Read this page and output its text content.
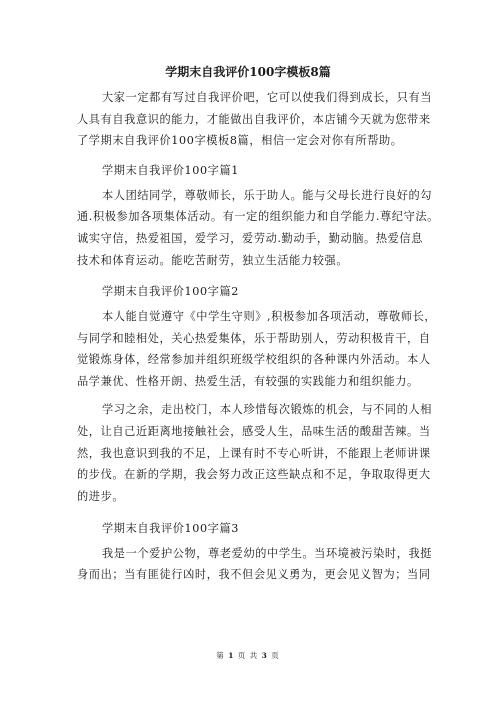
学期末自我评价100字模板8篇
大家一定都有写过自我评价吧，它可以使我们得到成长，只有当
人具有自我意识的能力，才能做出自我评价，本店铺今天就为您带来
了学期末自我评价100字模板8篇，相信一定会对你有所帮助。
学期末自我评价100字篇1
本人团结同学，尊敬师长，乐于助人。能与父母长进行良好的勾
通.积极参加各项集体活动。有一定的组织能力和自学能力.尊纪守法。
诚实守信，热爱祖国，爱学习，爱劳动.勤动手，勤动脑。热爱信息
技术和体育运动。能吃苦耐劳，独立生活能力较强。
学期末自我评价100字篇2
本人能自觉遵守《中学生守则》,积极参加各项活动，尊敬师长，
与同学和睦相处，关心热爱集体，乐于帮助别人，劳动积极肯干，自
觉锻炼身体，经常参加并组织班级学校组织的各种课内外活动。本人
品学兼优、性格开朗、热爱生活，有较强的实践能力和组织能力。
学习之余，走出校门，本人珍惜每次锻炼的机会，与不同的人相
处，让自己近距离地接触社会，感受人生，品味生活的酸甜苦辣。当
然，我也意识到我的不足，上课有时不专心听讲，不能跟上老师讲课
的步伐。在新的学期，我会努力改正这些缺点和不足，争取取得更大
的进步。
学期末自我评价100字篇3
我是一个爱护公物，尊老爱幼的中学生。当环境被污染时，我挺
身而出；当有匪徒行凶时，我不但会见义勇为，更会见义智为；当同
第 1 页 共 3 页
